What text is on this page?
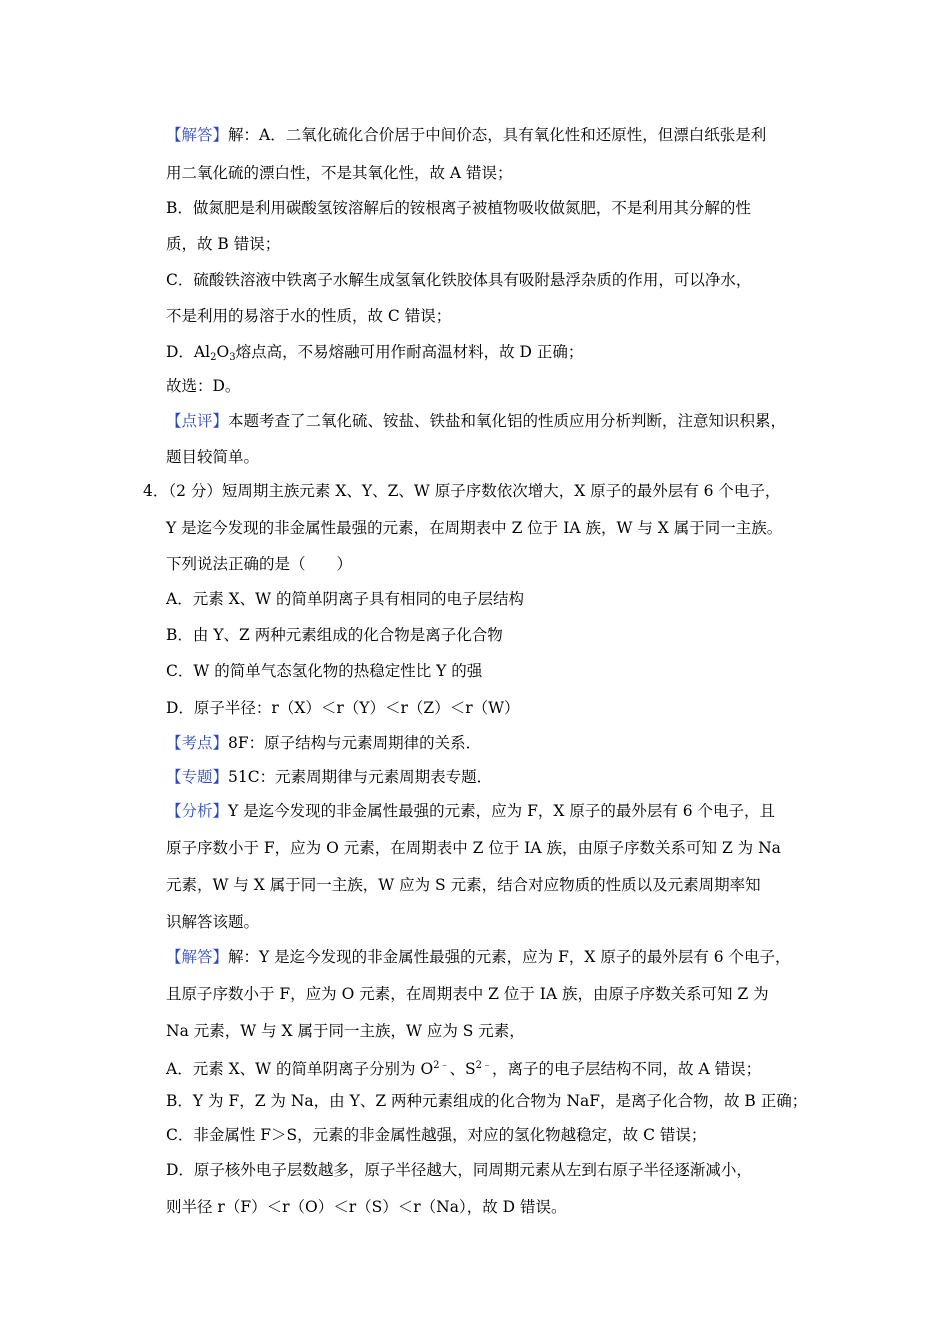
【解答】解：A．二氧化硫化合价居于中间价态，具有氧化性和还原性，但漂白纸张是利
用二氧化硫的漂白性，不是其氧化性，故 A 错误；
B．做氮肥是利用碳酸氢铵溶解后的铵根离子被植物吸收做氮肥，不是利用其分解的性
质，故 B 错误；
C．硫酸铁溶液中铁离子水解生成氢氧化铁胶体具有吸附悬浮杂质的作用，可以净水，
不是利用的易溶于水的性质，故 C 错误；
D．$Al_2O_3$熔点高，不易熔融可用作耐高温材料，故 D 正确；
故选：D。
【点评】本题考查了二氧化硫、铵盐、铁盐和氧化铝的性质应用分析判断，注意知识积累，
题目较简单。
4．（2 分）短周期主族元素 X、Y、Z、W 原子序数依次增大，X 原子的最外层有 6 个电子，
Y 是迄今发现的非金属性最强的元素，在周期表中 Z 位于 IA 族，W 与 X 属于同一主族。
下列说法正确的是（　　）
A．元素 X、W 的简单阴离子具有相同的电子层结构
B．由 Y、Z 两种元素组成的化合物是离子化合物
C．W 的简单气态氢化物的热稳定性比 Y 的强
D．原子半径：r（X）＜r（Y）＜r（Z）＜r（W）
【考点】8F：原子结构与元素周期律的关系．
【专题】51C：元素周期律与元素周期表专题．
【分析】Y 是迄今发现的非金属性最强的元素，应为 F，X 原子的最外层有 6 个电子，且
原子序数小于 F，应为 O 元素，在周期表中 Z 位于 IA 族，由原子序数关系可知 Z 为 Na
元素，W 与 X 属于同一主族，W 应为 S 元素，结合对应物质的性质以及元素周期率知
识解答该题。
【解答】解：Y 是迄今发现的非金属性最强的元素，应为 F，X 原子的最外层有 6 个电子，
且原子序数小于 F，应为 O 元素，在周期表中 Z 位于 IA 族，由原子序数关系可知 Z 为
Na 元素，W 与 X 属于同一主族，W 应为 S 元素，
A．元素 X、W 的简单阴离子分别为 $O^{2﹣}$、$S^{2﹣}$，离子的电子层结构不同，故 A 错误；
B．Y 为 F，Z 为 Na，由 Y、Z 两种元素组成的化合物为 NaF，是离子化合物，故 B 正确；
C．非金属性 F＞S，元素的非金属性越强，对应的氢化物越稳定，故 C 错误；
D．原子核外电子层数越多，原子半径越大，同周期元素从左到右原子半径逐渐减小，
则半径 r（F）＜r（O）＜r（S）＜r（Na），故 D 错误。
